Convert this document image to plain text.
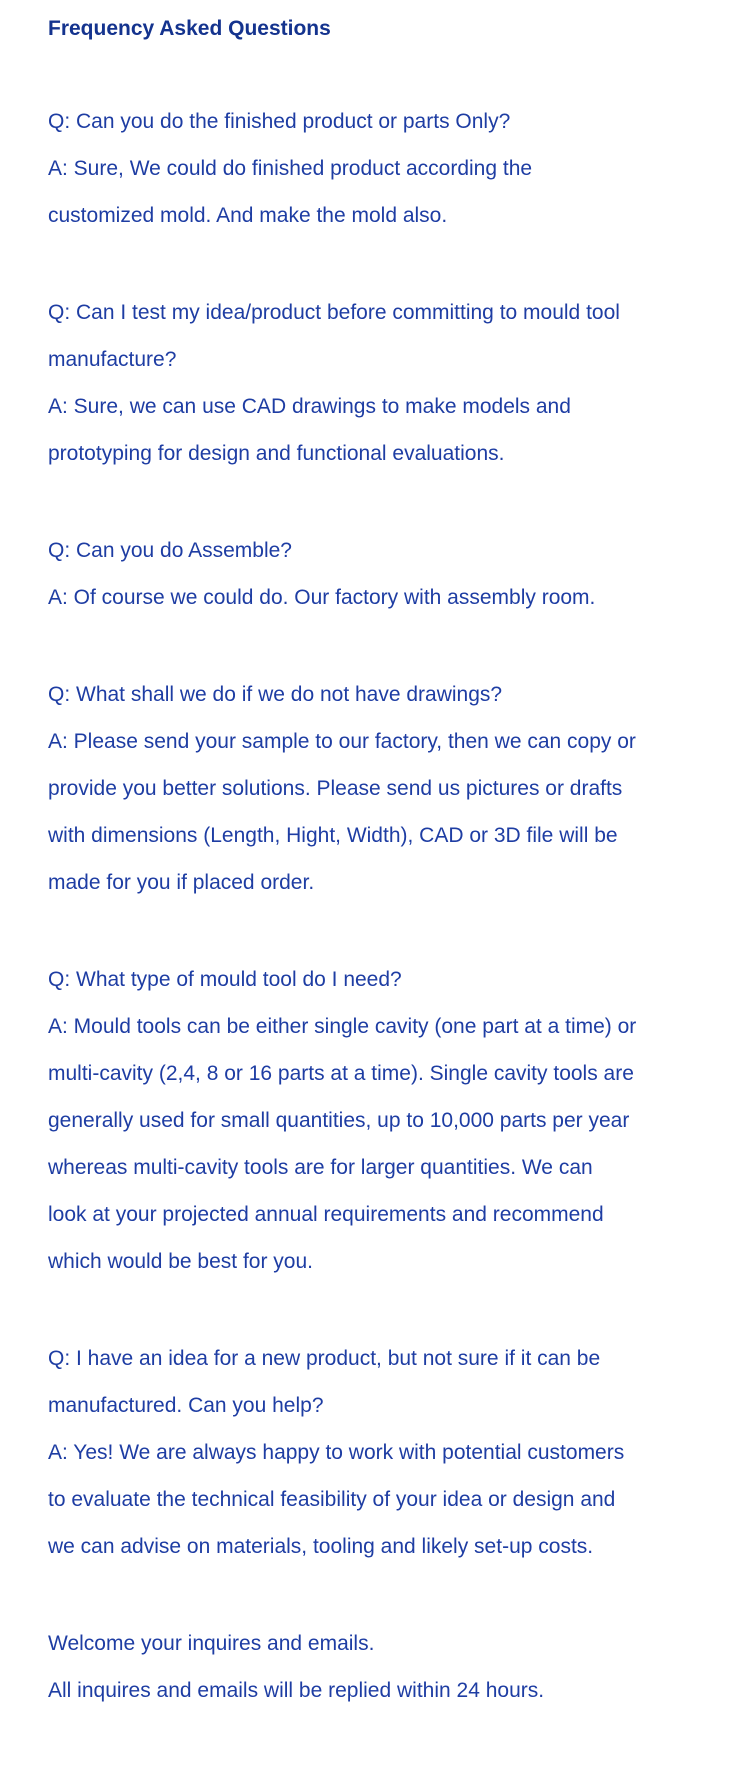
Frequency Asked Questions
Q: Can you do the finished product or parts Only?
A: Sure, We could do finished product according the
customized mold. And make the mold also.
Q: Can I test my idea/product before committing to mould tool
manufacture?
A: Sure, we can use CAD drawings to make models and
prototyping for design and functional evaluations.
Q: Can you do Assemble?
A: Of course we could do. Our factory with assembly room.
Q: What shall we do if we do not have drawings?
A: Please send your sample to our factory, then we can copy or
provide you better solutions. Please send us pictures or drafts
with dimensions (Length, Hight, Width), CAD or 3D file will be
made for you if placed order.
Q: What type of mould tool do I need?
A: Mould tools can be either single cavity (one part at a time) or
multi-cavity (2,4, 8 or 16 parts at a time). Single cavity tools are
generally used for small quantities, up to 10,000 parts per year
whereas multi-cavity tools are for larger quantities. We can
look at your projected annual requirements and recommend
which would be best for you.
Q: I have an idea for a new product, but not sure if it can be
manufactured. Can you help?
A: Yes! We are always happy to work with potential customers
to evaluate the technical feasibility of your idea or design and
we can advise on materials, tooling and likely set-up costs.
Welcome your inquires and emails.
All inquires and emails will be replied within 24 hours.
